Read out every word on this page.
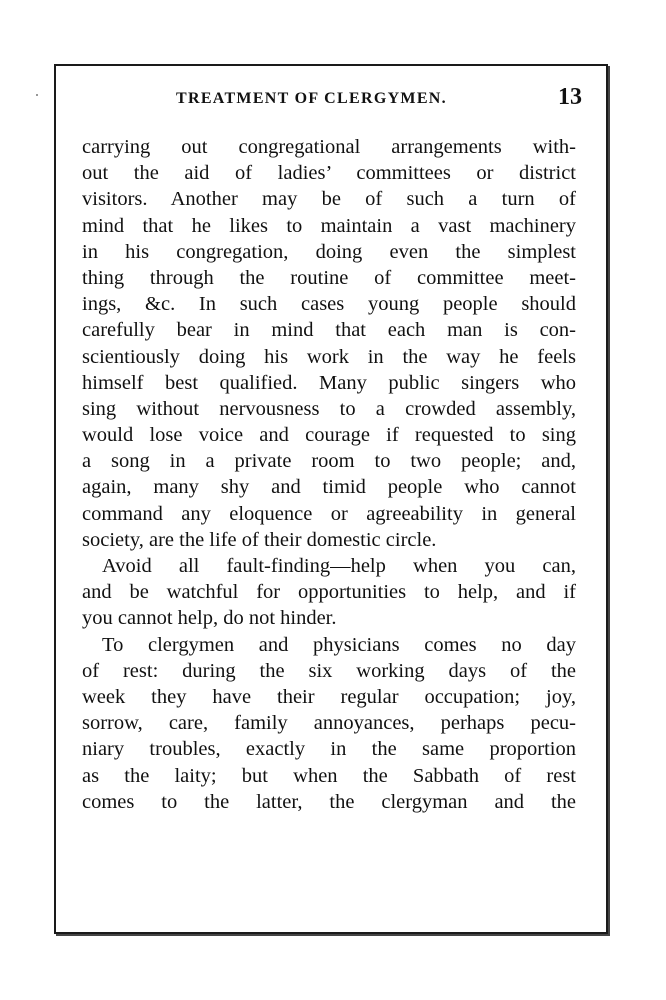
TREATMENT OF CLERGYMEN.	13
carrying out congregational arrangements with-
out the aid of ladies’ committees or district
visitors. Another may be of such a turn of
mind that he likes to maintain a vast machinery
in his congregation, doing even the simplest
thing through the routine of committee meet-
ings, &c. In such cases young people should
carefully bear in mind that each man is con-
scientiously doing his work in the way he feels
himself best qualified. Many public singers who
sing without nervousness to a crowded assembly,
would lose voice and courage if requested to sing
a song in a private room to two people; and,
again, many shy and timid people who cannot
command any eloquence or agreeability in general
society, are the life of their domestic circle.
Avoid all fault-finding—help when you can,
and be watchful for opportunities to help, and if
you cannot help, do not hinder.
To clergymen and physicians comes no day
of rest: during the six working days of the
week they have their regular occupation; joy,
sorrow, care, family annoyances, perhaps pecu-
niary troubles, exactly in the same proportion
as the laity; but when the Sabbath of rest
comes to the latter, the clergyman and the
